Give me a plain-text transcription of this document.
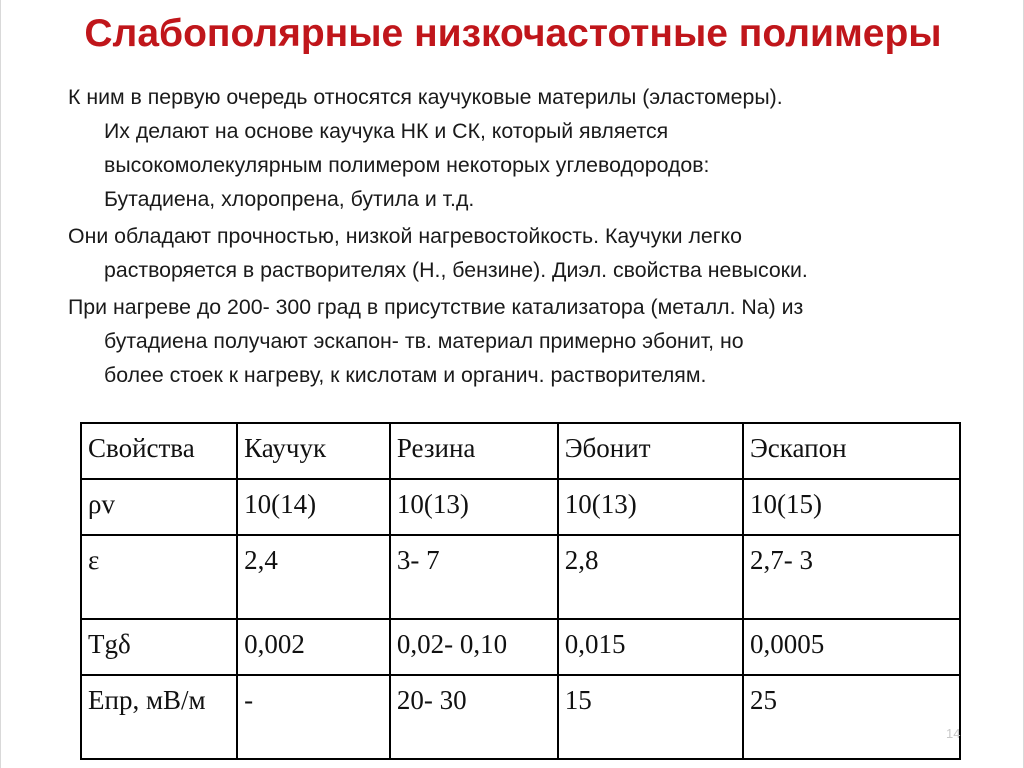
Слабополярные низкочастотные полимеры

К ним в первую очередь относятся каучуковые материлы (эластомеры).
Их делают на основе каучука НК и СК, который является
высокомолекулярным полимером некоторых углеводородов:
Бутадиена, хлоропрена, бутила и т.д.

Они обладают прочностью, низкой нагревостойкость. Каучуки легко
растворяется в растворителях (Н., бензине). Диэл. свойства невысоки.

При нагреве до 200- 300 град в присутствие катализатора (металл. Na) из
бутадиена получают эскапон- тв. материал примерно эбонит, но
более стоек к нагреву, к кислотам и органич. растворителям.

Свойства	Каучук	Резина	Эбонит	Эскапон
ρv	10(14)	10(13)	10(13)	10(15)
ε	2,4	3- 7	2,8	2,7- 3
Tgδ	0,002	0,02- 0,10	0,015	0,0005
Епр, мВ/м	-	20- 30	15	25
14
